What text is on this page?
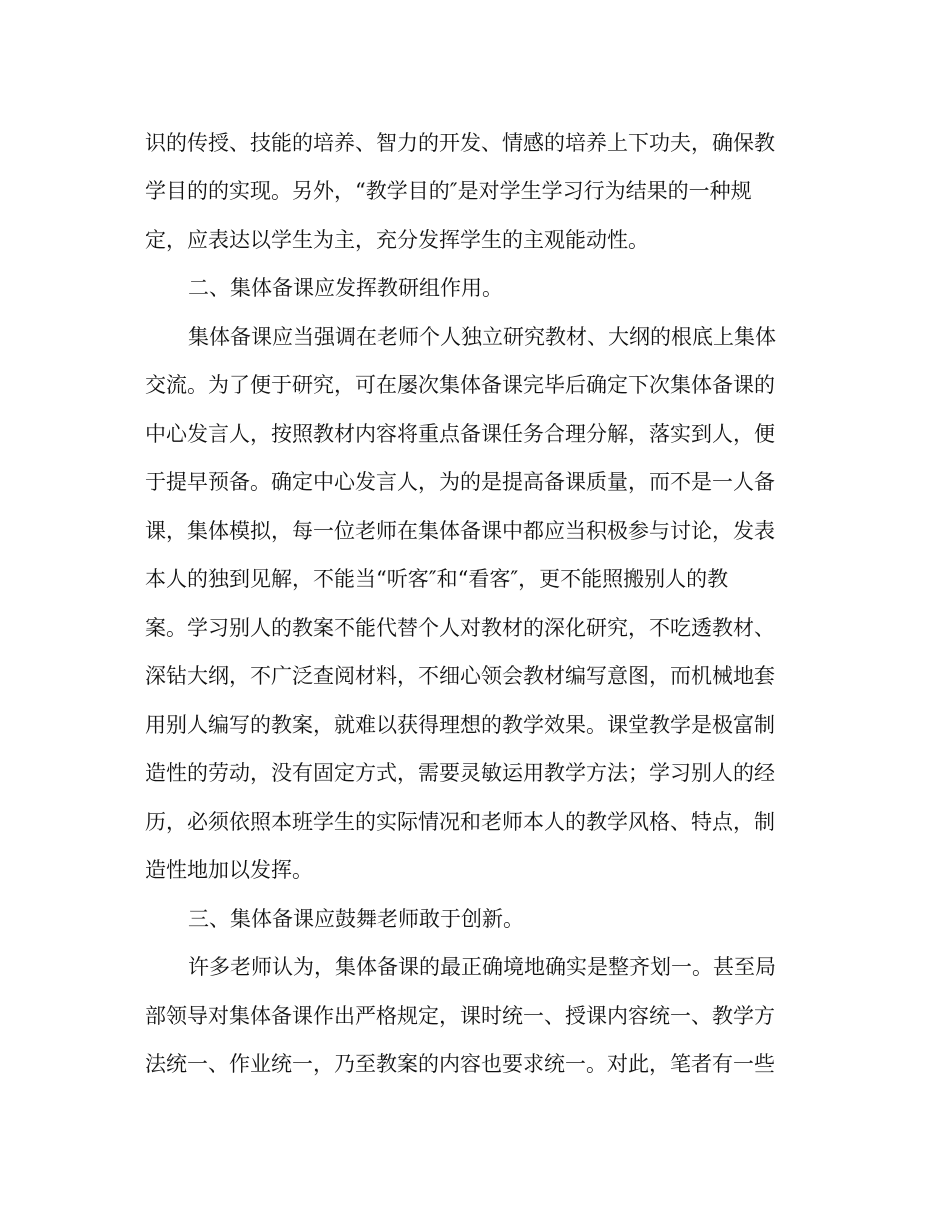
识的传授、技能的培养、智力的开发、情感的培养上下功夫，确保教
学目的的实现。另外，“教学目的″是对学生学习行为结果的一种规
定，应表达以学生为主，充分发挥学生的主观能动性。
二、集体备课应发挥教研组作用。
集体备课应当强调在老师个人独立研究教材、大纲的根底上集体
交流。为了便于研究，可在屡次集体备课完毕后确定下次集体备课的
中心发言人，按照教材内容将重点备课任务合理分解，落实到人，便
于提早预备。确定中心发言人，为的是提高备课质量，而不是一人备
课，集体模拟，每一位老师在集体备课中都应当积极参与讨论，发表
本人的独到见解，不能当“听客″和“看客″，更不能照搬别人的教
案。学习别人的教案不能代替个人对教材的深化研究，不吃透教材、
深钻大纲，不广泛查阅材料，不细心领会教材编写意图，而机械地套
用别人编写的教案，就难以获得理想的教学效果。课堂教学是极富制
造性的劳动，没有固定方式，需要灵敏运用教学方法；学习别人的经
历，必须依照本班学生的实际情况和老师本人的教学风格、特点，制
造性地加以发挥。
三、集体备课应鼓舞老师敢于创新。
许多老师认为，集体备课的最正确境地确实是整齐划一。甚至局
部领导对集体备课作出严格规定，课时统一、授课内容统一、教学方
法统一、作业统一，乃至教案的内容也要求统一。对此，笔者有一些
